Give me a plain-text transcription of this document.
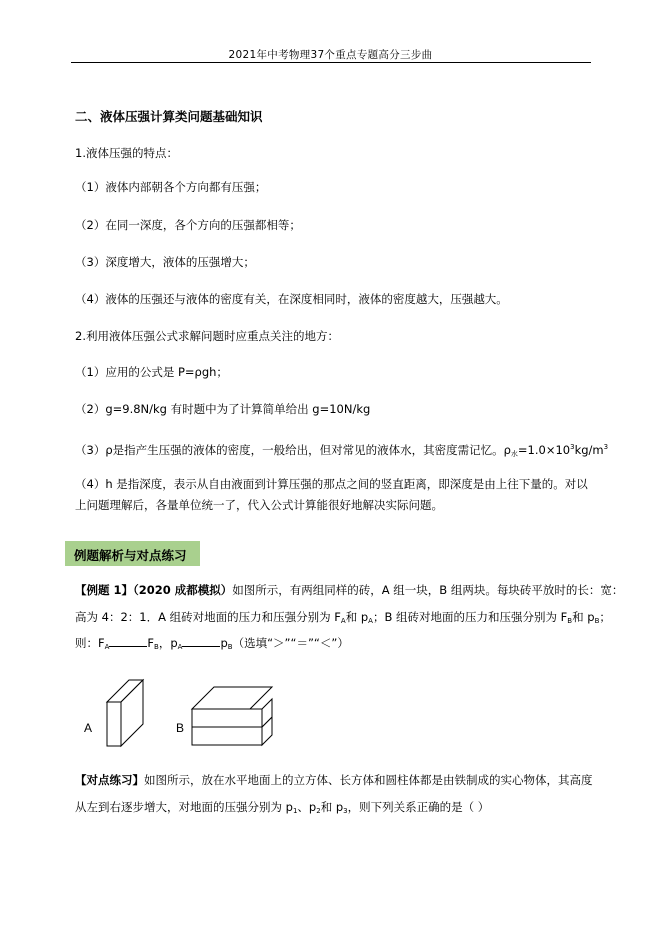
2021年中考物理37个重点专题高分三步曲
二、液体压强计算类问题基础知识
1.液体压强的特点：
（1）液体内部朝各个方向都有压强；
（2）在同一深度，各个方向的压强都相等；
（3）深度增大，液体的压强增大；
（4）液体的压强还与液体的密度有关，在深度相同时，液体的密度越大，压强越大。
2.利用液体压强公式求解问题时应重点关注的地方：
（1）应用的公式是 P=ρgh；
（2）g=9.8N/kg 有时题中为了计算简单给出 g=10N/kg
（3）ρ是指产生压强的液体的密度，一般给出，但对常见的液体水，其密度需记忆。$\rho_水=1.0\times 10^3kg/m^3$
（4）h 是指深度，表示从自由液面到计算压强的那点之间的竖直距离，即深度是由上往下量的。对以上问题理解后，各量单位统一了，代入公式计算能很好地解决实际问题。
例题解析与对点练习
【例题 1】（2020 成都模拟）如图所示，有两组同样的砖，A 组一块，B 组两块。每块砖平放时的长：宽：
高为 4：2：1．A 组砖对地面的压力和压强分别为 $F_A$和 $p_A$；B 组砖对地面的压力和压强分别为 $F_B$和 $p_B$；
则：$F_A$	$F_B$，$p_A$	$p_B$（选填“＞”“＝”“＜”）
A	B
【对点练习】如图所示，放在水平地面上的立方体、长方体和圆柱体都是由铁制成的实心物体，其高度
从左到右逐步增大，对地面的压强分别为 $p_1$、$p_2$和 $p_3$，则下列关系正确的是（ ）
